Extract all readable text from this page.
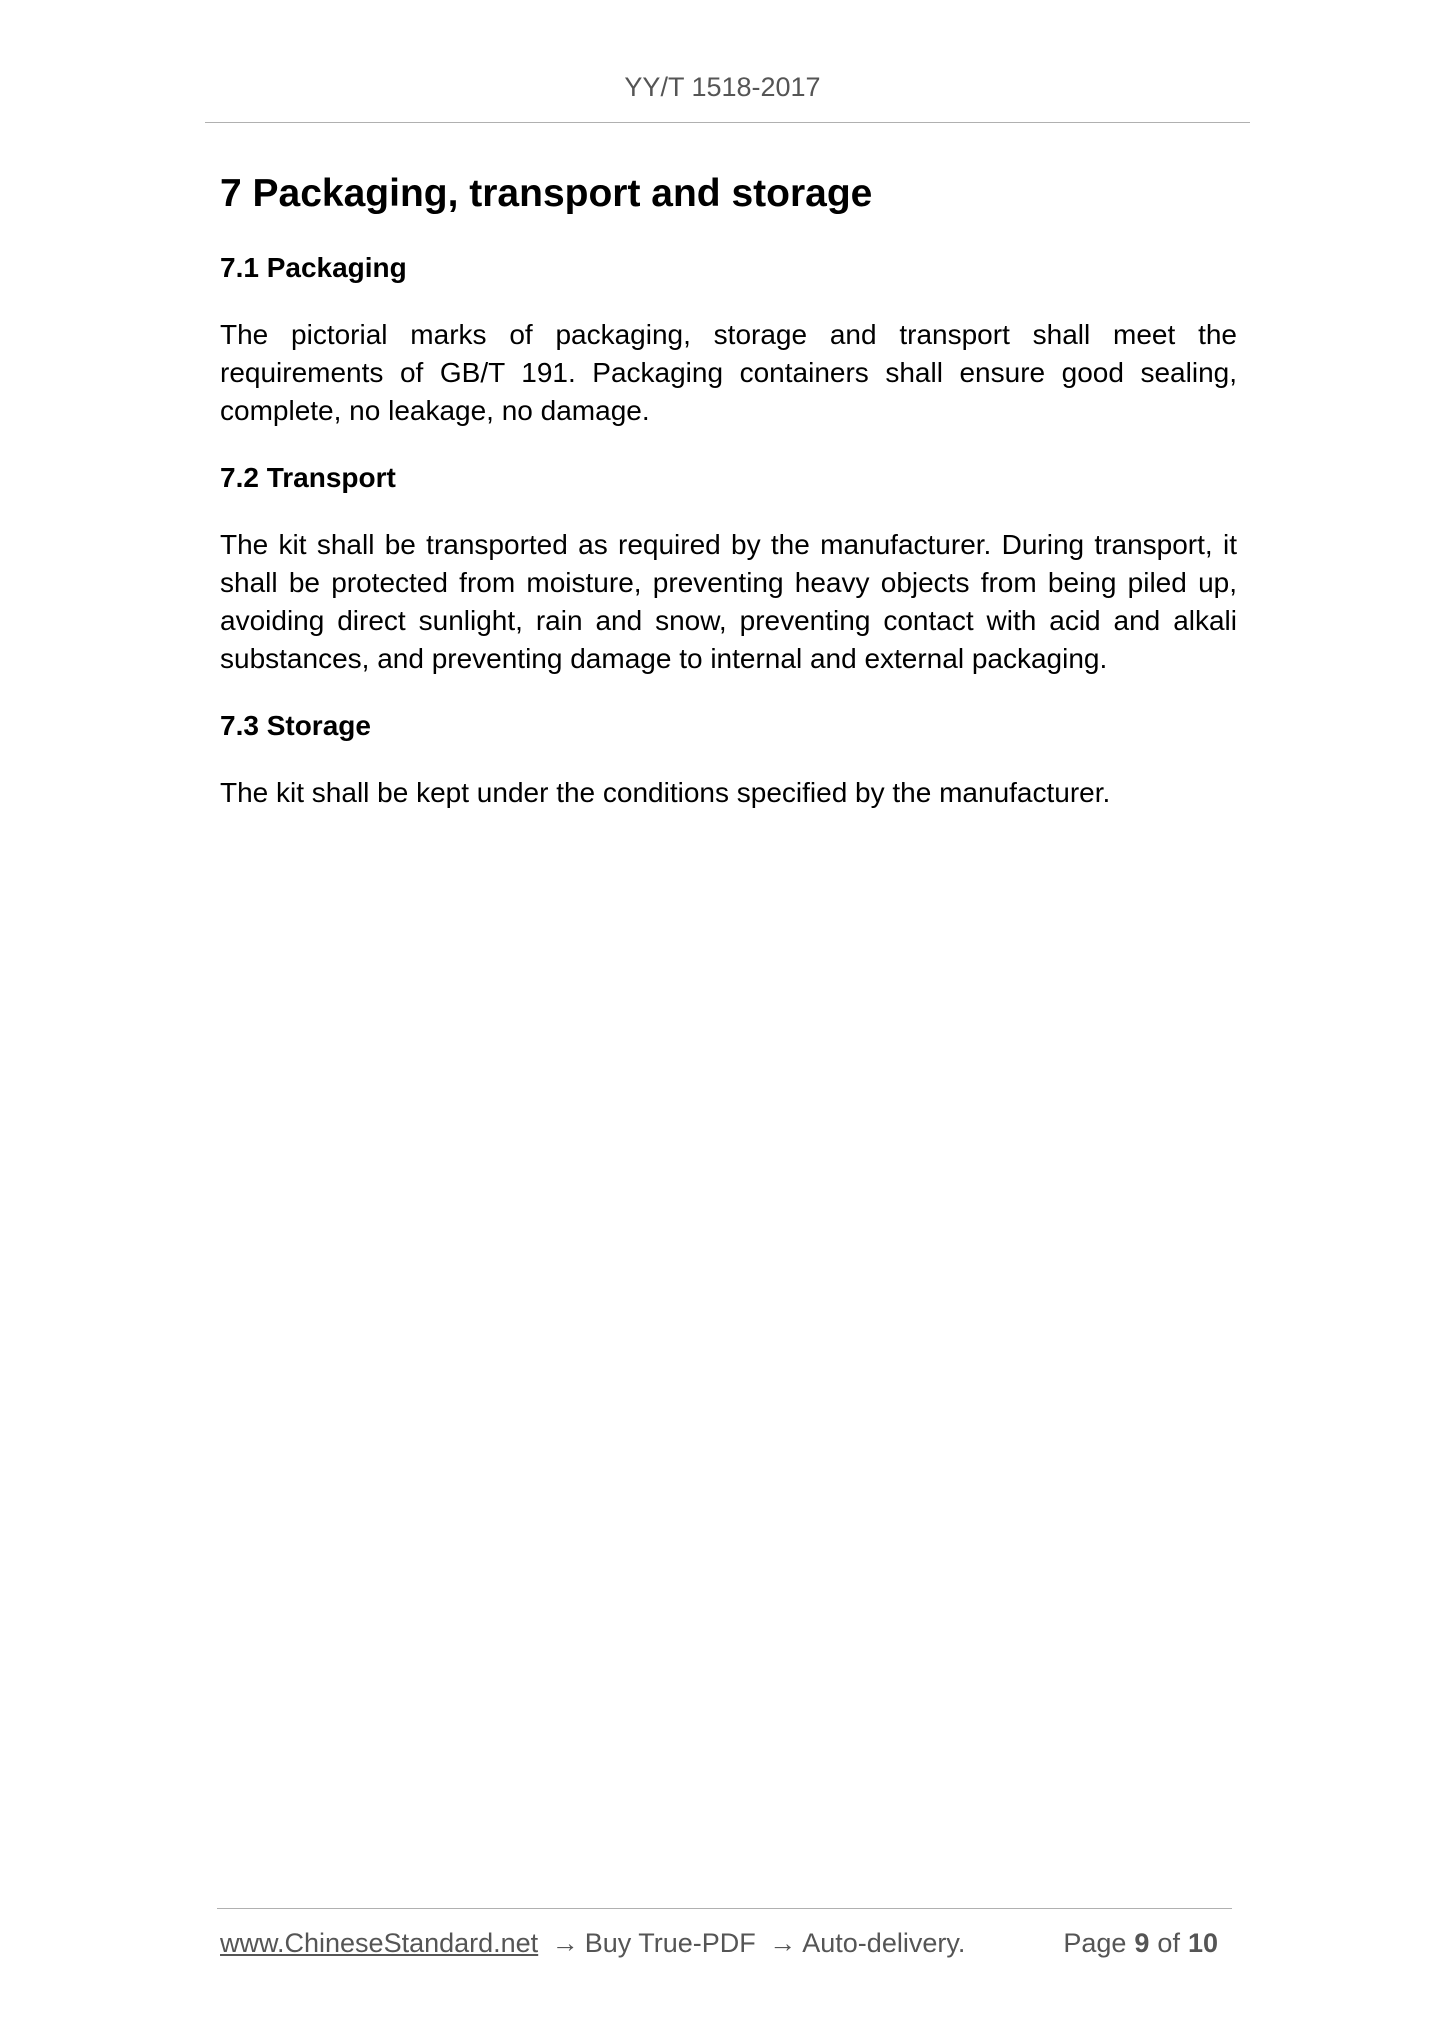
YY/T 1518-2017
7 Packaging, transport and storage
7.1 Packaging

The pictorial marks of packaging, storage and transport shall meet the requirements of GB/T 191. Packaging containers shall ensure good sealing, complete, no leakage, no damage.

7.2 Transport

The kit shall be transported as required by the manufacturer. During transport, it shall be protected from moisture, preventing heavy objects from being piled up, avoiding direct sunlight, rain and snow, preventing contact with acid and alkali substances, and preventing damage to internal and external packaging.

7.3 Storage

The kit shall be kept under the conditions specified by the manufacturer.

www.ChineseStandard.net → Buy True-PDF → Auto-delivery.	Page 9 of 10
